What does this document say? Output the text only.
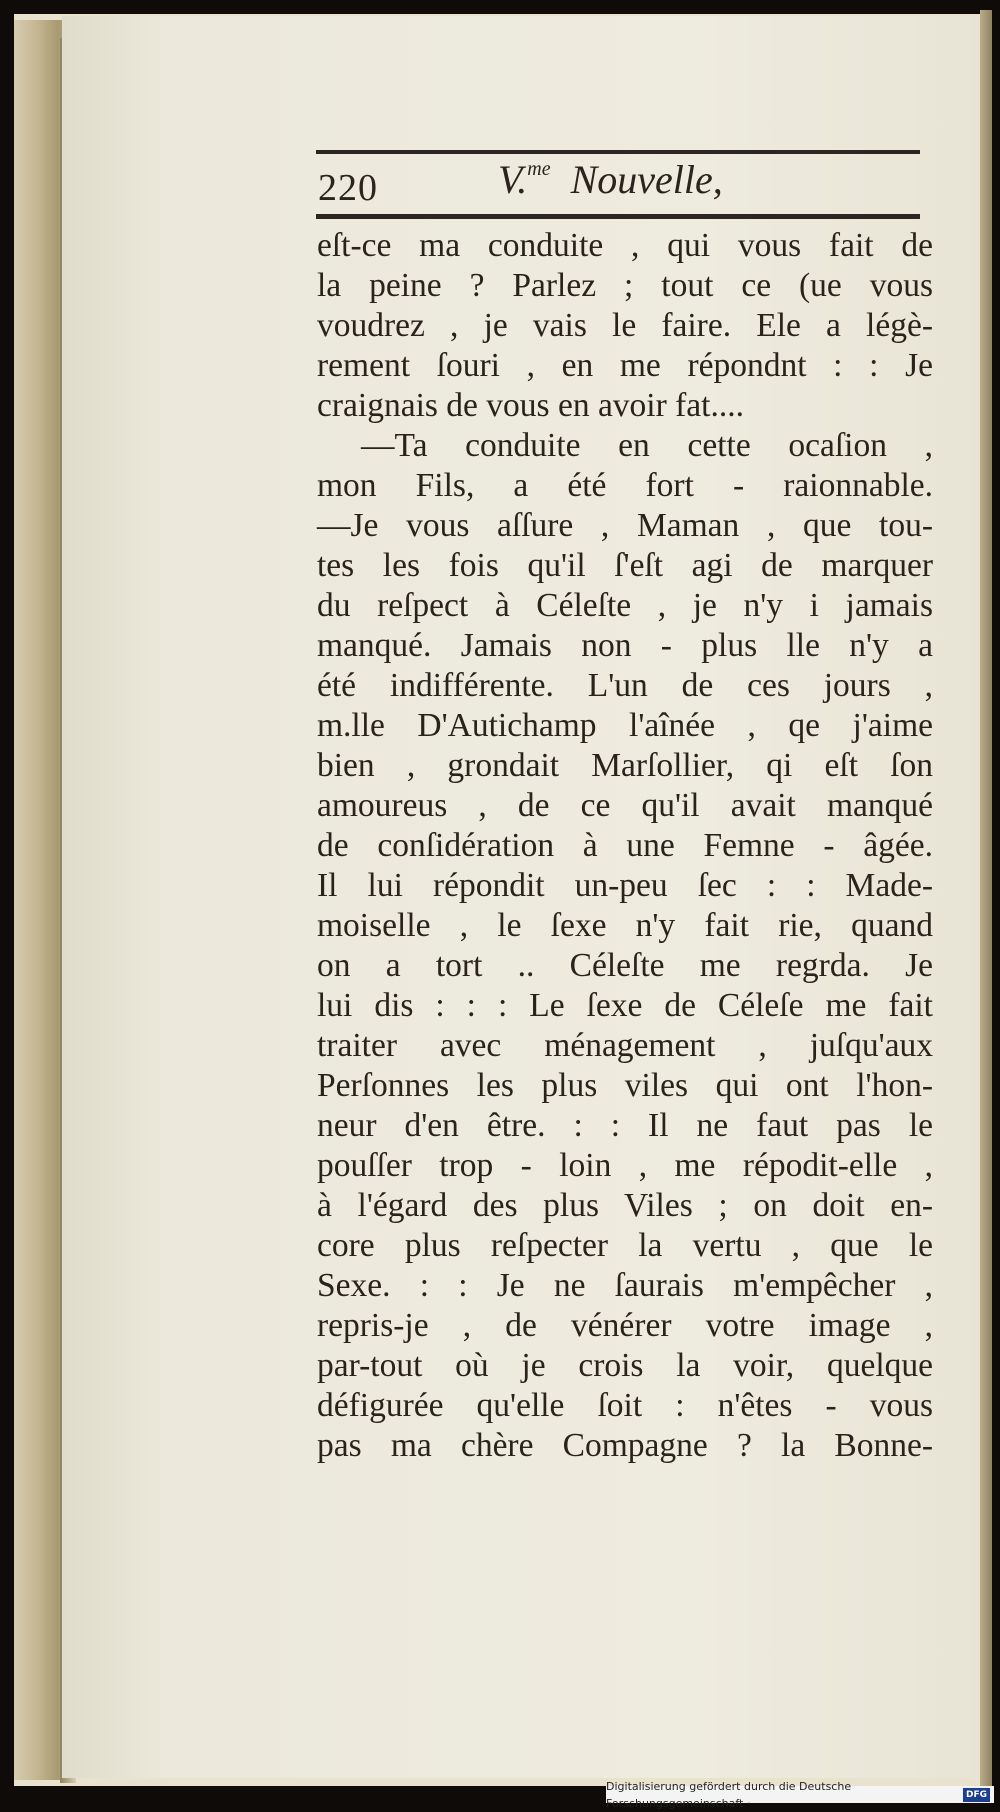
220	V.$^{me}$ Nouvelle,
eſt-ce ma conduite , qui vous fait de
la peine ? Parlez ; tout ce (ue vous
voudrez , je vais le faire. Ele a légè-
rement ſouri , en me répondnt : : Je
craignais de vous en avoir fat....
—Ta conduite en cette ocaſion ,
mon Fils, a été fort - raionnable.
—Je vous aſſure , Maman , que tou-
tes les fois qu'il ſ'eſt agi de marquer
du reſpect à Céleſte , je n'y i jamais
manqué. Jamais non - plus lle n'y a
été indifférente. L'un de ces jours ,
m.lle D'Autichamp l'aînée , qe j'aime
bien , grondait Marſollier, qi eſt ſon
amoureus , de ce qu'il avait manqué
de conſidération à une Femne - âgée.
Il lui répondit un-peu ſec : : Made-
moiselle , le ſexe n'y fait rie, quand
on a tort .. Céleſte me regrda. Je
lui dis : : : Le ſexe de Céleſe me fait
traiter avec ménagement , juſqu'aux
Perſonnes les plus viles qui ont l'hon-
neur d'en être. : : Il ne faut pas le
pouſſer trop - loin , me répodit-elle ,
à l'égard des plus Viles ; on doit en-
core plus reſpecter la vertu , que le
Sexe. : : Je ne ſaurais m'empêcher ,
repris-je , de vénérer votre image ,
par-tout où je crois la voir, quelque
défigurée qu'elle ſoit : n'êtes - vous
pas ma chère Compagne ? la Bonne-
Digitalisierung gefördert durch die Deutsche Forschungsgemeinschaft ·
DFG
